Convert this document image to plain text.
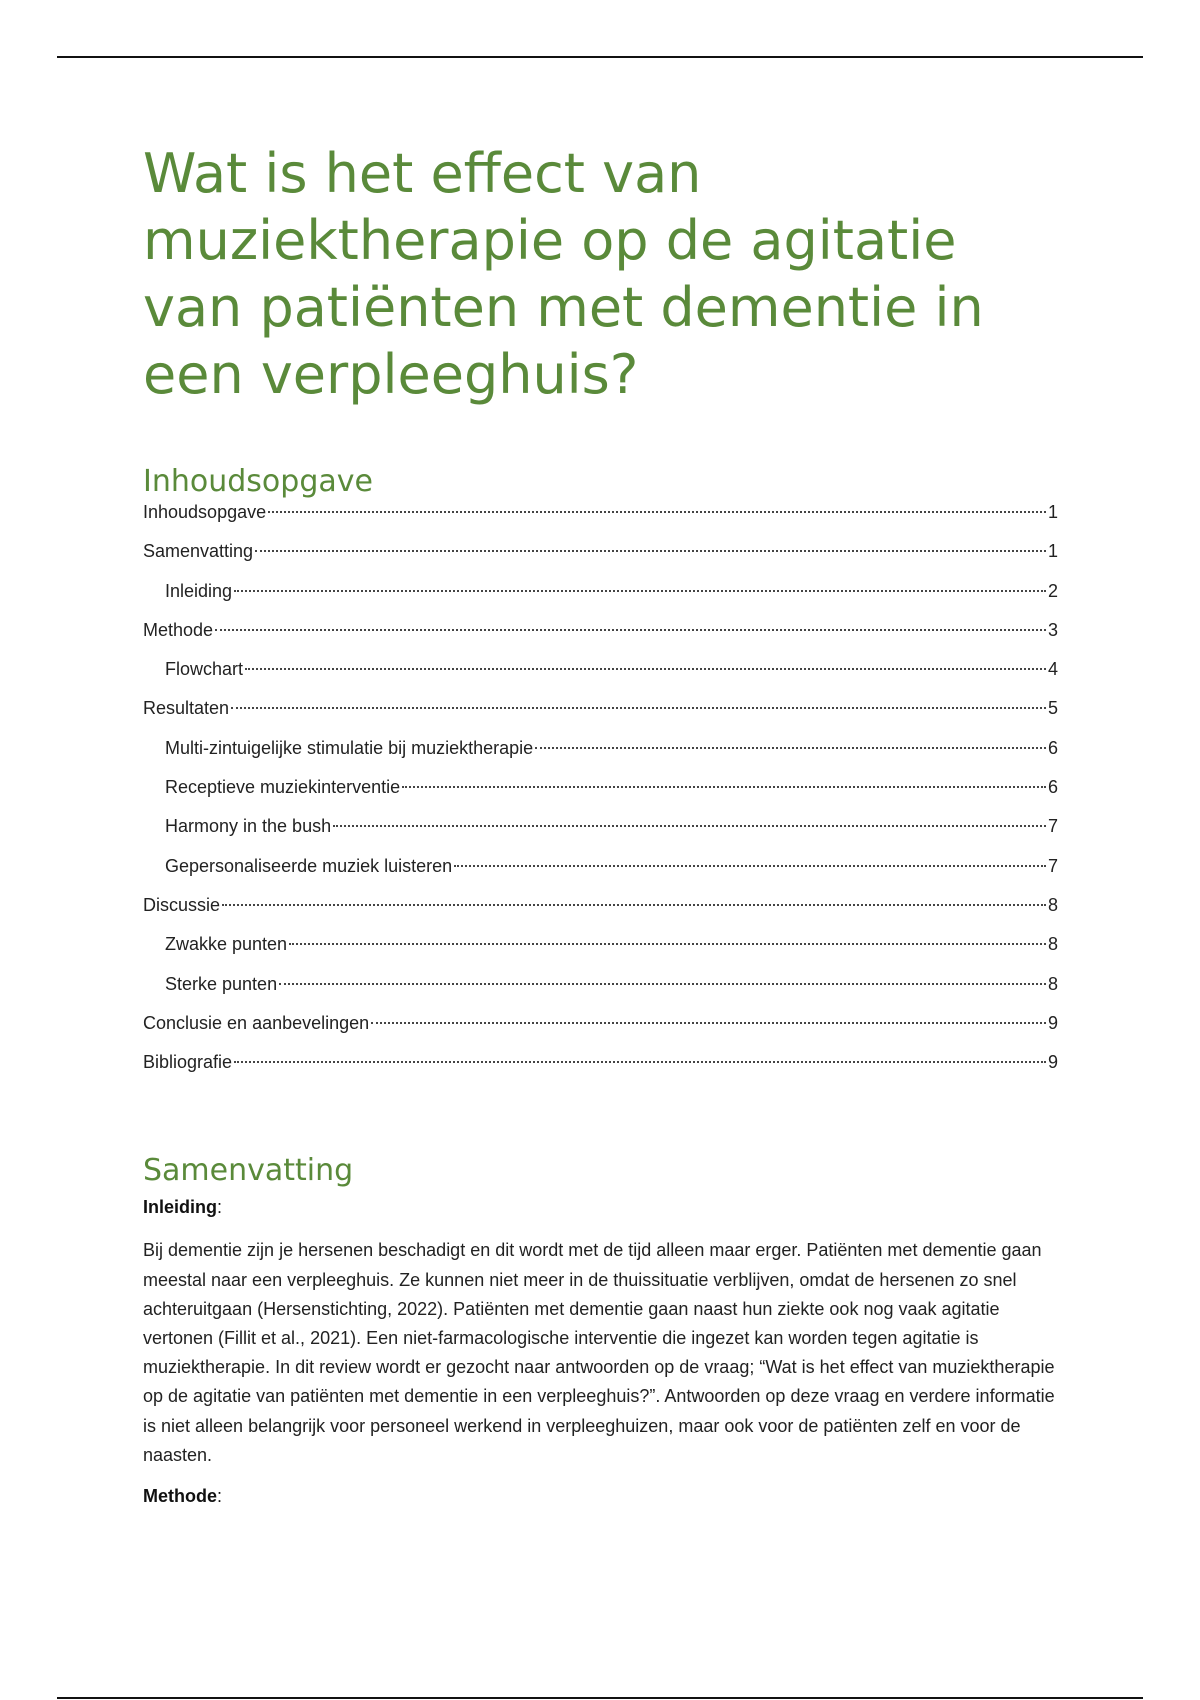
Wat is het effect van muziektherapie op de agitatie van patiënten met dementie in een verpleeghuis?
Inhoudsopgave
Inhoudsopgave	1
Samenvatting	1
Inleiding	2
Methode	3
Flowchart	4
Resultaten	5
Multi-zintuigelijke stimulatie bij muziektherapie	6
Receptieve muziekinterventie	6
Harmony in the bush	7
Gepersonaliseerde muziek luisteren	7
Discussie	8
Zwakke punten	8
Sterke punten	8
Conclusie en aanbevelingen	9
Bibliografie	9
Samenvatting
Inleiding:
Bij dementie zijn je hersenen beschadigt en dit wordt met de tijd alleen maar erger. Patiënten met dementie gaan meestal naar een verpleeghuis. Ze kunnen niet meer in de thuissituatie verblijven, omdat de hersenen zo snel achteruitgaan (Hersenstichting, 2022). Patiënten met dementie gaan naast hun ziekte ook nog vaak agitatie vertonen (Fillit et al., 2021). Een niet-farmacologische interventie die ingezet kan worden tegen agitatie is muziektherapie. In dit review wordt er gezocht naar antwoorden op de vraag; “Wat is het effect van muziektherapie op de agitatie van patiënten met dementie in een verpleeghuis?”. Antwoorden op deze vraag en verdere informatie is niet alleen belangrijk voor personeel werkend in verpleeghuizen, maar ook voor de patiënten zelf en voor de naasten.
Methode:
